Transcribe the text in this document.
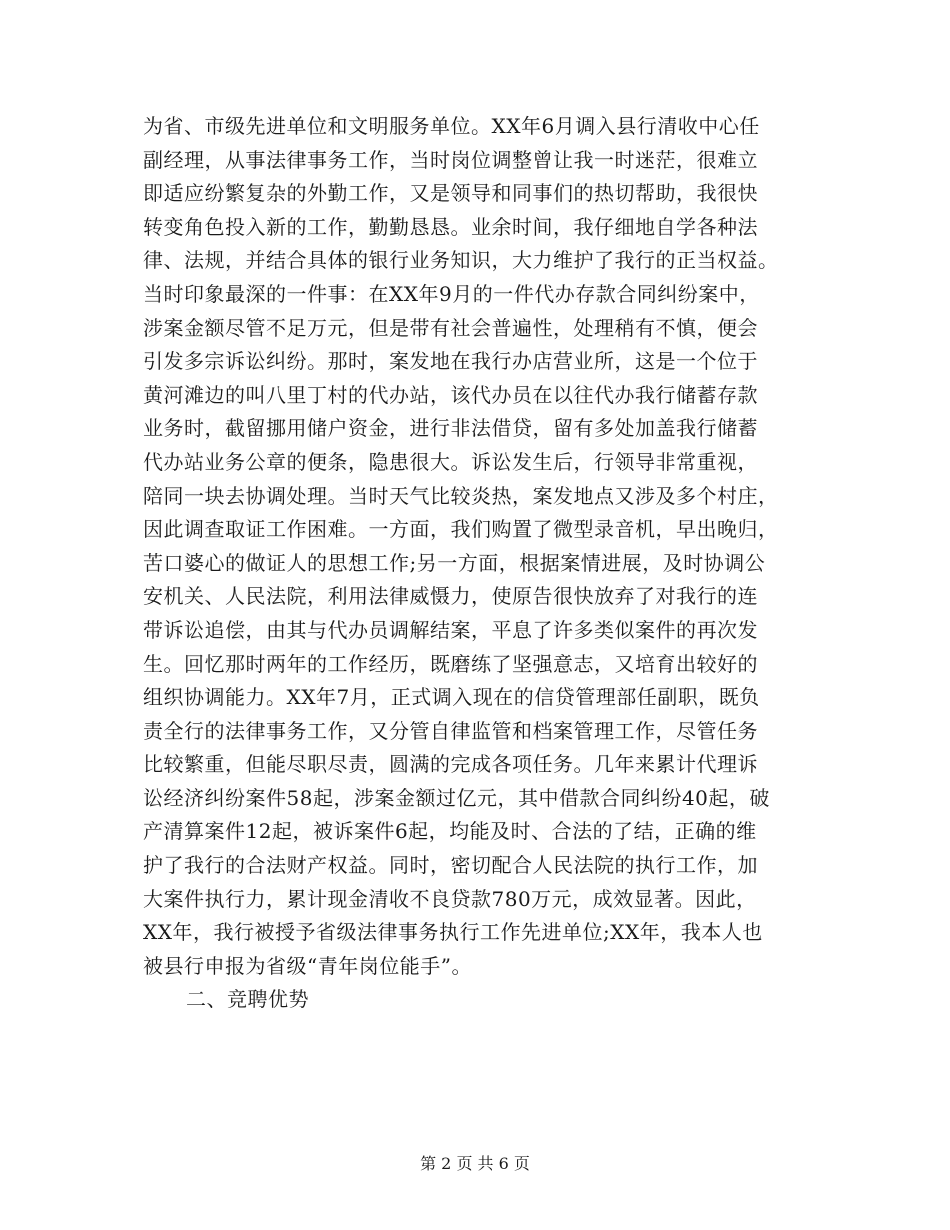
为省、市级先进单位和文明服务单位。XX年6月调入县行清收中心任
副经理，从事法律事务工作，当时岗位调整曾让我一时迷茫，很难立
即适应纷繁复杂的外勤工作，又是领导和同事们的热切帮助，我很快
转变角色投入新的工作，勤勤恳恳。业余时间，我仔细地自学各种法
律、法规，并结合具体的银行业务知识，大力维护了我行的正当权益。
当时印象最深的一件事：在XX年9月的一件代办存款合同纠纷案中，
涉案金额尽管不足万元，但是带有社会普遍性，处理稍有不慎，便会
引发多宗诉讼纠纷。那时，案发地在我行办店营业所，这是一个位于
黄河滩边的叫八里丁村的代办站，该代办员在以往代办我行储蓄存款
业务时，截留挪用储户资金，进行非法借贷，留有多处加盖我行储蓄
代办站业务公章的便条，隐患很大。诉讼发生后，行领导非常重视，
陪同一块去协调处理。当时天气比较炎热，案发地点又涉及多个村庄，
因此调查取证工作困难。一方面，我们购置了微型录音机，早出晚归，
苦口婆心的做证人的思想工作;另一方面，根据案情进展，及时协调公
安机关、人民法院，利用法律威慑力，使原告很快放弃了对我行的连
带诉讼追偿，由其与代办员调解结案，平息了许多类似案件的再次发
生。回忆那时两年的工作经历，既磨练了坚强意志，又培育出较好的
组织协调能力。XX年7月，正式调入现在的信贷管理部任副职，既负
责全行的法律事务工作，又分管自律监管和档案管理工作，尽管任务
比较繁重，但能尽职尽责，圆满的完成各项任务。几年来累计代理诉
讼经济纠纷案件58起，涉案金额过亿元，其中借款合同纠纷40起，破
产清算案件12起，被诉案件6起，均能及时、合法的了结，正确的维
护了我行的合法财产权益。同时，密切配合人民法院的执行工作，加
大案件执行力，累计现金清收不良贷款780万元，成效显著。因此，
XX年，我行被授予省级法律事务执行工作先进单位;XX年，我本人也
被县行申报为省级“青年岗位能手”。
二、竞聘优势
第 2 页 共 6 页
